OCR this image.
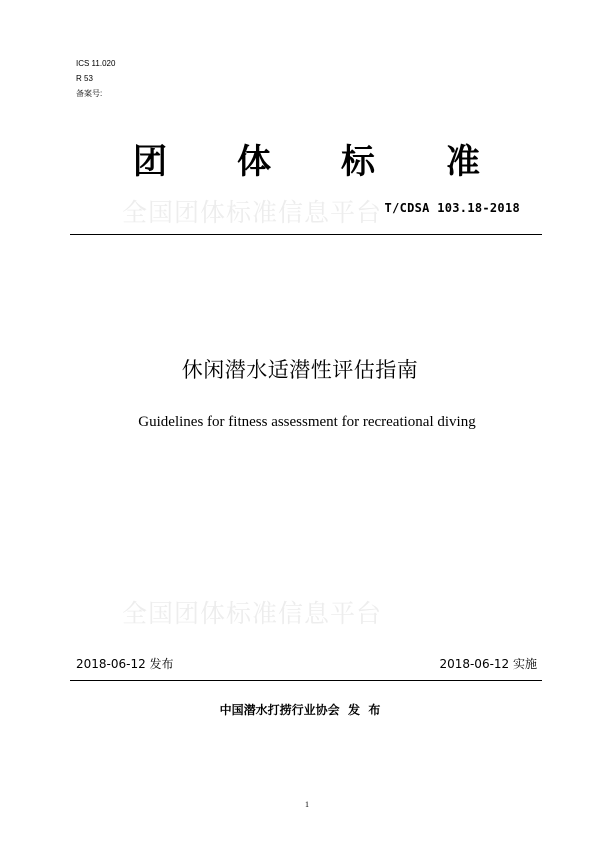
ICS 11.020
R 53
备案号:
团 体 标 准
全国团体标准信息平台 T/CDSA 103.18-2018
休闲潜水适潜性评估指南
Guidelines for fitness assessment for recreational diving
全国团体标准信息平台
2018-06-12 发布	2018-06-12 实施
中国潜水打捞行业协会  发  布
1
